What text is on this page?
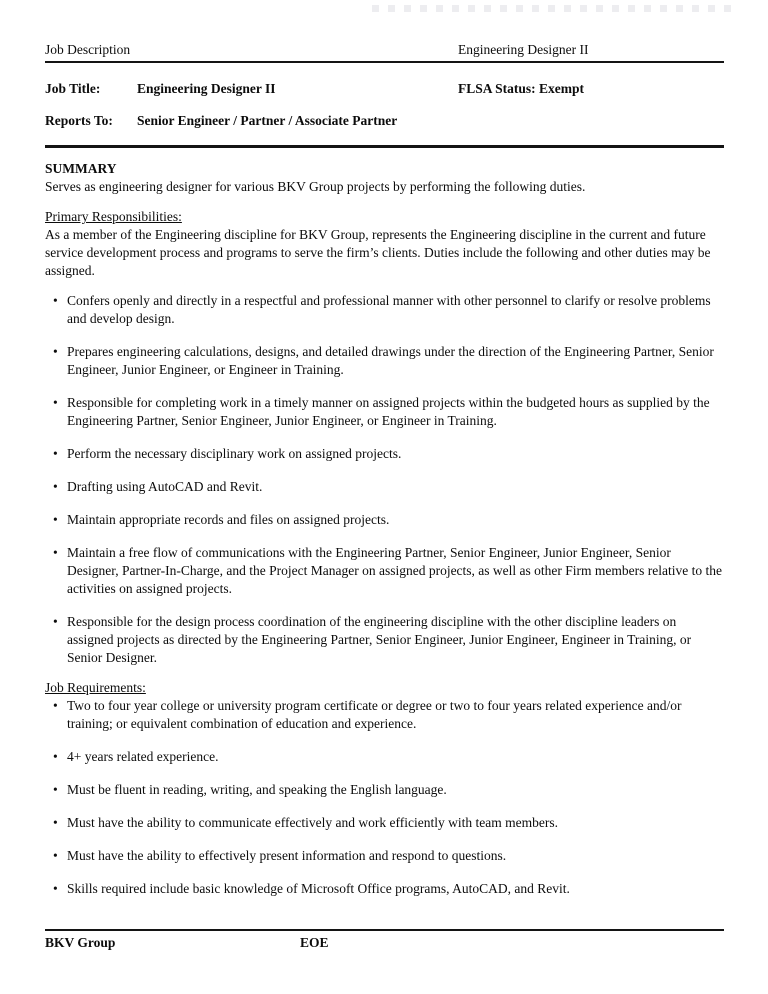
Job Description	Engineering Designer II
Job Title:	Engineering Designer II	FLSA Status: Exempt
Reports To:	Senior Engineer / Partner / Associate Partner
SUMMARY

Serves as engineering designer for various BKV Group projects by performing the following duties.

Primary Responsibilities:

As a member of the Engineering discipline for BKV Group, represents the Engineering discipline in the current and future service development process and programs to serve the firm’s clients. Duties include the following and other duties may be assigned.

• Confers openly and directly in a respectful and professional manner with other personnel to clarify or resolve problems and develop design.
• Prepares engineering calculations, designs, and detailed drawings under the direction of the Engineering Partner, Senior Engineer, Junior Engineer, or Engineer in Training.
• Responsible for completing work in a timely manner on assigned projects within the budgeted hours as supplied by the Engineering Partner, Senior Engineer, Junior Engineer, or Engineer in Training.
• Perform the necessary disciplinary work on assigned projects.
• Drafting using AutoCAD and Revit.
• Maintain appropriate records and files on assigned projects.
• Maintain a free flow of communications with the Engineering Partner, Senior Engineer, Junior Engineer, Senior Designer, Partner-In-Charge, and the Project Manager on assigned projects, as well as other Firm members relative to the activities on assigned projects.
• Responsible for the design process coordination of the engineering discipline with the other discipline leaders on assigned projects as directed by the Engineering Partner, Senior Engineer, Junior Engineer, Engineer in Training, or Senior Designer.
Job Requirements:
• Two to four year college or university program certificate or degree or two to four years related experience and/or training; or equivalent combination of education and experience.
• 4+ years related experience.
• Must be fluent in reading, writing, and speaking the English language.
• Must have the ability to communicate effectively and work efficiently with team members.
• Must have the ability to effectively present information and respond to questions.
• Skills required include basic knowledge of Microsoft Office programs, AutoCAD, and Revit.
BKV Group	EOE
